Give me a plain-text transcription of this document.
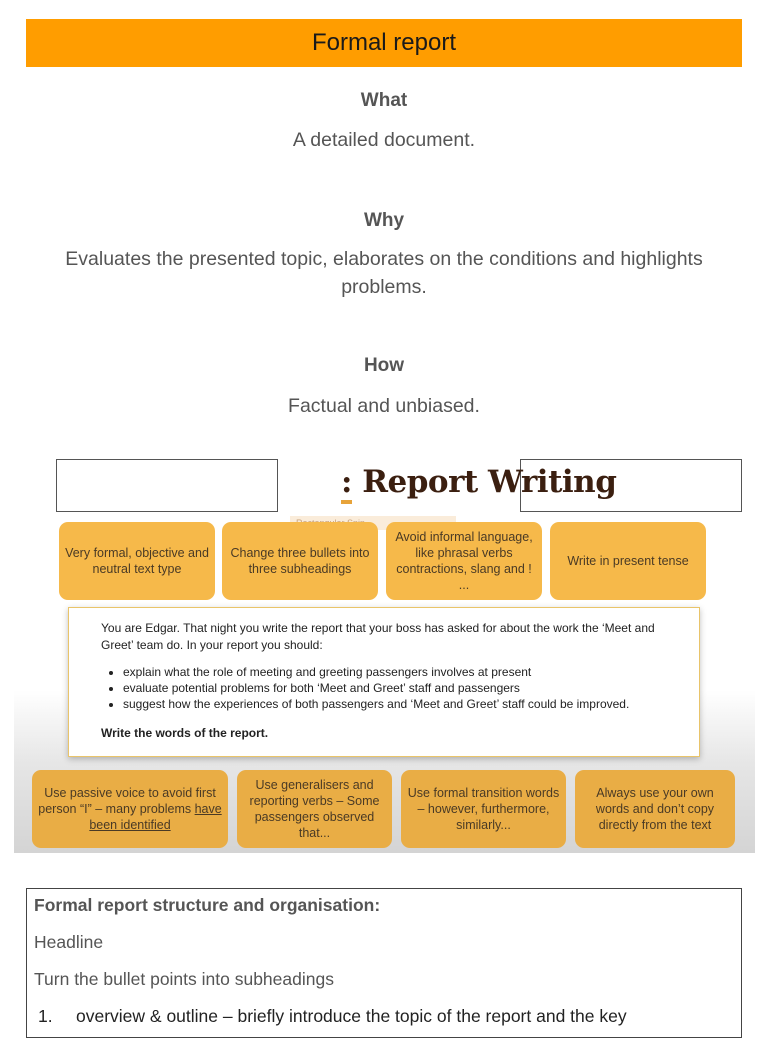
Formal report
What
A detailed document.
Why
Evaluates the presented topic, elaborates on the conditions and highlights problems.
How
Factual and unbiased.
: Report Writing
Very formal, objective and neutral text type
Change three bullets into three subheadings
Avoid informal language, like phrasal verbs contractions, slang and ! ...
Write in present tense

You are Edgar. That night you write the report that your boss has asked for about the work the ‘Meet and Greet’ team do. In your report you should:

• explain what the role of meeting and greeting passengers involves at present
• evaluate potential problems for both ‘Meet and Greet’ staff and passengers
• suggest how the experiences of both passengers and ‘Meet and Greet’ staff could be improved.

Write the words of the report.

Use passive voice to avoid first person “I” – many problems have been identified
Use generalisers and reporting verbs – Some passengers observed that...
Use formal transition words – however, furthermore, similarly...
Always use your own words and don’t copy directly from the text

Formal report structure and organisation:

Headline

Turn the bullet points into subheadings

1.	overview & outline – briefly introduce the topic of the report and the key
